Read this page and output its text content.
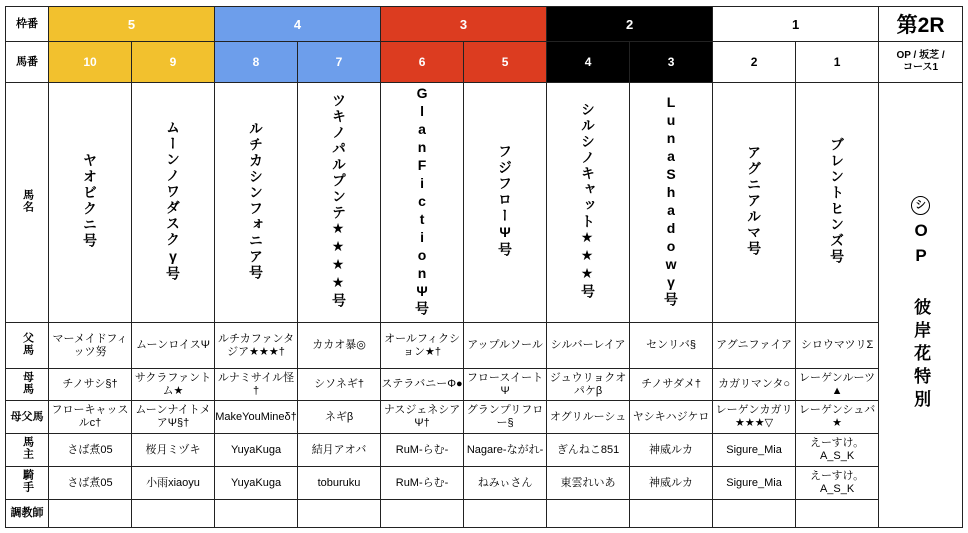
枠番	5		4		3		2		1		第2R
馬番	10	9	8	7	6	5	4	3	2	1	OP / 坂芝 /
コース1

馬名	ヤオビクニ号	ムーンノワダスクγ号	ルチカシンフォニア号	ツキノパルプンテ★★★★号	GlanFictionΨ号	フジフローΨ号	シルシノキャット★★★号	LunaShadowγ号	アグニアルマ号	ブレントヒンズ号	シ
OP
彼岸花特別
父馬	マーメイドフィッツ努	ムーンロイスΨ	ルチカファンタジア★★★†	カカオ暴◎	オールフィクション★†	アップルソール	シルバーレイア	センリバ§	アグニファイア	シロウマツリΣ	
母馬	チノサシ§†	サクラファントム★	ルナミサイル怪†	シソネギ†	ステラバニーΦ●	フロースイートΨ	ジュウリョクオパケβ	チノサダメ†	カガリマンタ○	レーゲンルーツ▲	
母父馬	フローキャッスルc†	ムーンナイトメアΨ§†	MakeYouMineδ†	ネギβ	ナスジェネシアΨ†	グランプリフロー§	オグリルーシュ	ヤシキハジケロ	レーゲンカガリ★★★▽	レーゲンシュバ★	
馬主	さば煮05	桜月ミヅキ	YuyaKuga	結月アオバ	RuM-らむ-	Nagare-ながれ-	ぎんねこ851	神威ルカ	Sigure_Mia	えーすけ。A_S_K	
騎手	さば煮05	小雨xiaoyu	YuyaKuga	toburuku	RuM-らむ-	ねみぃさん	東雲れいあ	神威ルカ	Sigure_Mia	えーすけ。A_S_K	
調教師											
